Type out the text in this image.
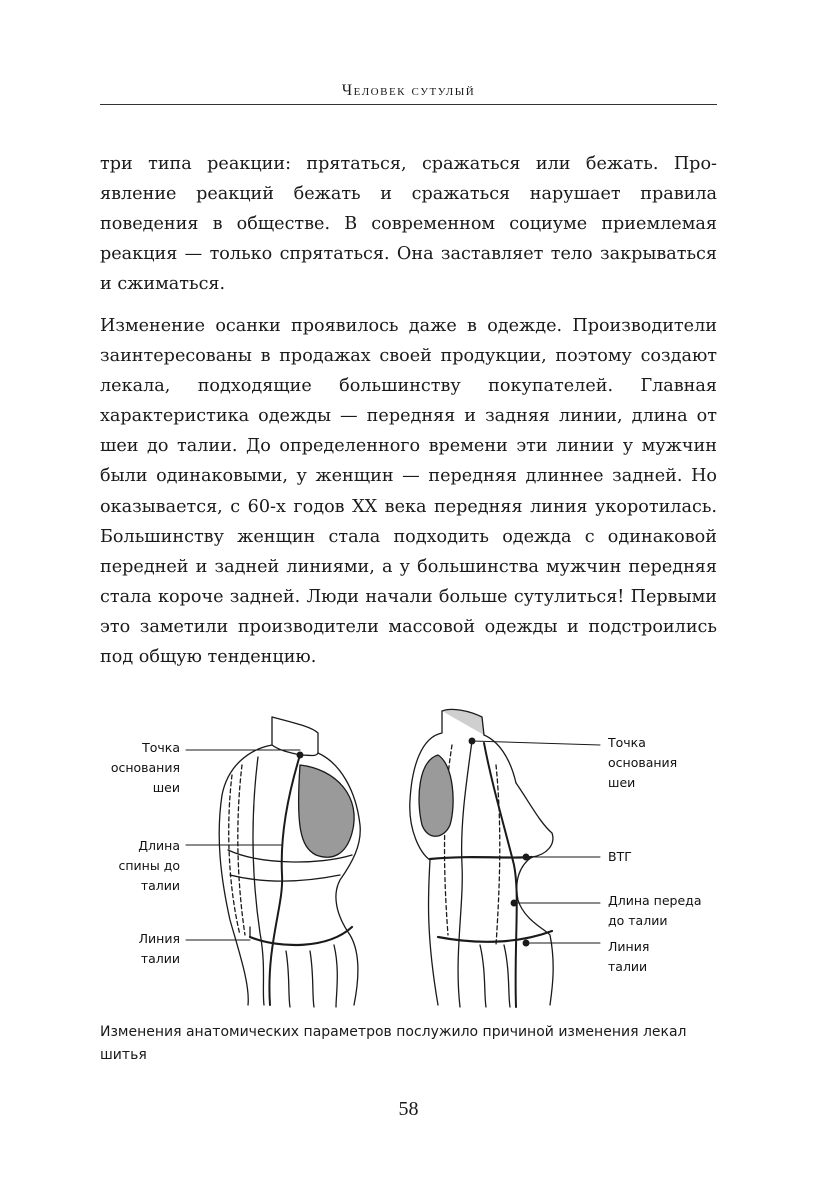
Человек сутулый

три типа реакции: прятаться, сражаться или бежать. Проявление реакций бежать и сражаться нарушает правила поведения в обществе. В современном социуме приемлемая реакция — только спрятаться. Она заставляет тело закрываться и сжиматься.

Изменение осанки проявилось даже в одежде. Производители заинтересованы в продажах своей продукции, поэтому создают лекала, подходящие большинству покупателей. Главная характеристика одежды — передняя и задняя линии, длина от шеи до талии. До определенного времени эти линии у мужчин были одинаковыми, у женщин — передняя длиннее задней. Но оказывается, с 60-х годов XX века передняя линия укоротилась. Большинству женщин стала подходить одежда с одинаковой передней и задней линиями, а у большинства мужчин передняя стала короче задней. Люди начали больше сутулиться! Первыми это заметили производители массовой одежды и подстроились под общую тенденцию.

Точка основания шеи
Длина спины до талии
Линия талии
Точка основания шеи
ВТГ
Длина переда до талии
Линия талии

Изменения анатомических параметров послужило причиной изменения лекал шитья

58
